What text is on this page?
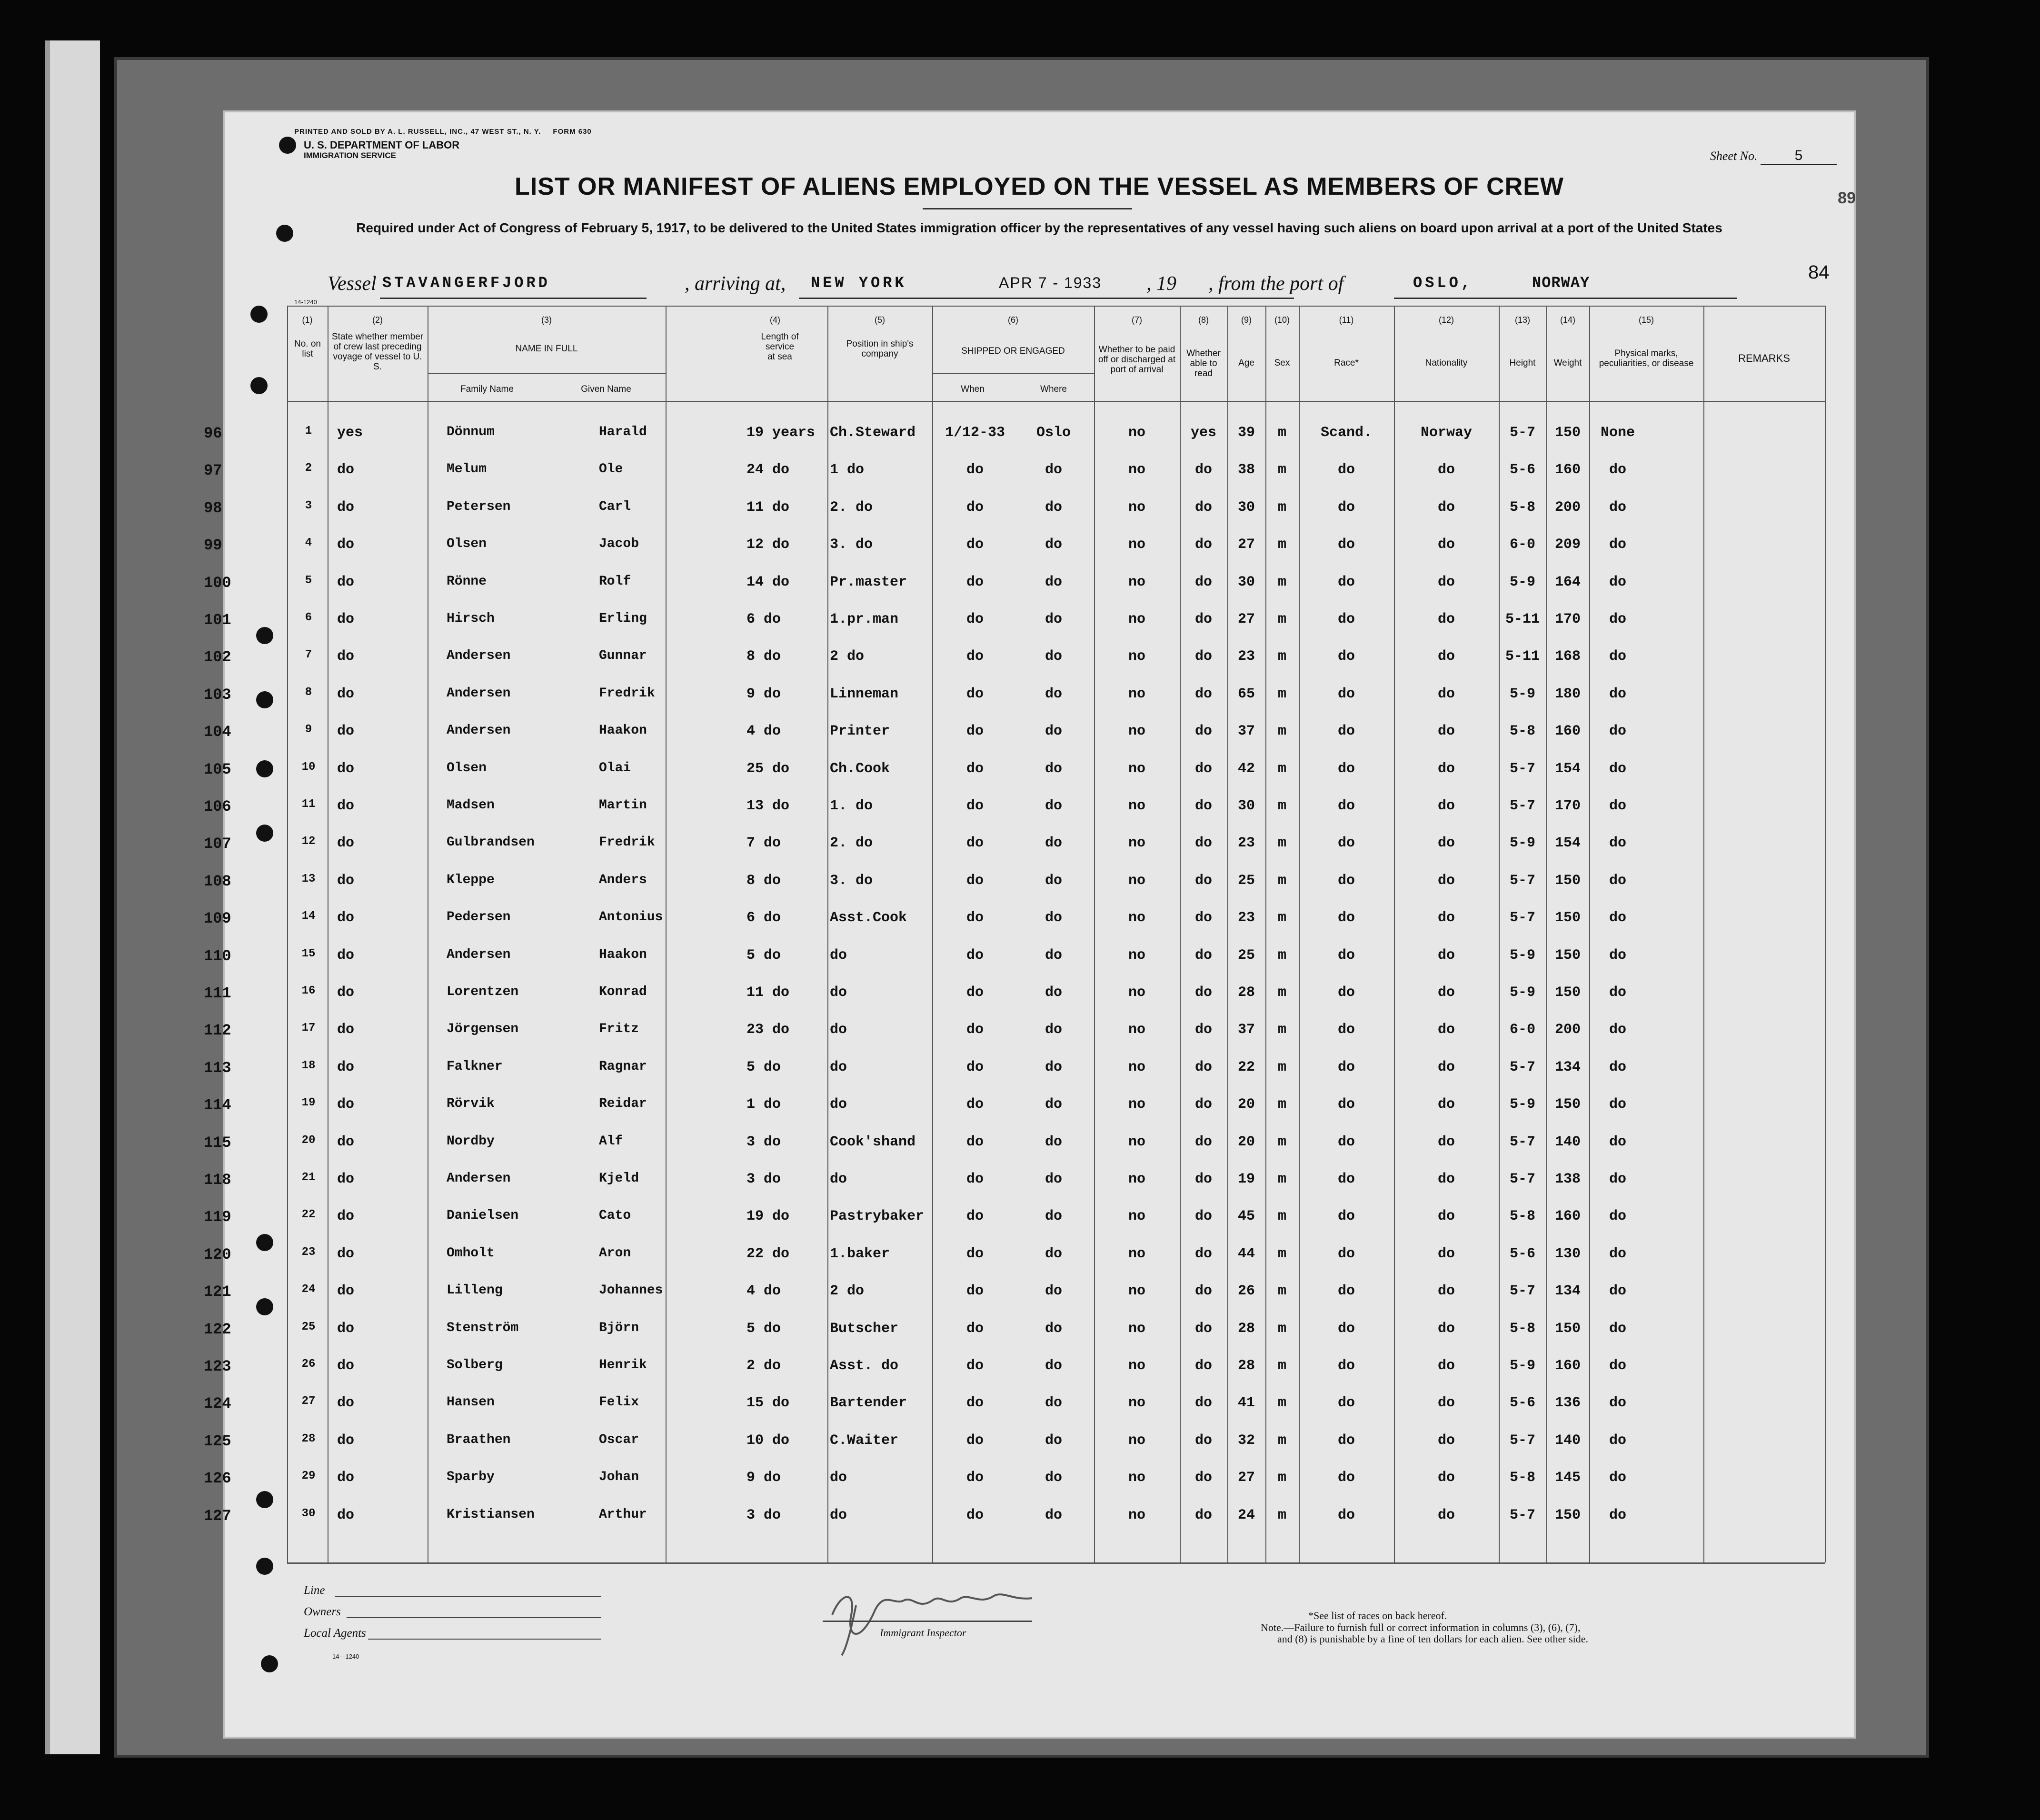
PRINTED AND SOLD BY A. L. RUSSELL, INC., 47 WEST ST., N. Y. FORM 630
U. S. DEPARTMENT OF LABOR
IMMIGRATION SERVICE	Sheet No.	5
LIST OR MANIFEST OF ALIENS EMPLOYED ON THE VESSEL AS MEMBERS OF CREW
Required under Act of Congress of February 5, 1917, to be delivered to the United States immigration officer by the representatives of any vessel having such aliens on board upon arrival at a port of the United States
89
Vessel STAVANGERFJORD	, arriving at, NEW YORK	APR 7 - 1933 , 19 , from the port of	OSLO,	NORWAY
84
14-1240
(1)	(2)	(3)	(4)	(5)	(6)	(7)	(8)	(9)	(10)	(11)	(12)	(13)	(14)	(15)
No. on list
State whether member of crew last preceding voyage of vessel to U. S.
NAME IN FULL
Family Name	Given Name
Length of service at sea
Position in ship's company	SHIPPED OR ENGAGED
When	Where
Whether to be paid off or discharged at port of arrival
Whether able to read
Age	Sex	Race*	Nationality	Height	Weight
Physical marks, peculiarities, or disease	REMARKS
96	1	yes	Dönnum	Harald	19 years	Ch.Steward	1/12-33	Oslo	no	yes	39	m	Scand.	Norway	5-7	150	None
97	2	do	Melum	Ole	24 do	1 do	do	do	no	do	38	m	do	do	5-6	160	do
98	3	do	Petersen	Carl	11 do	2. do	do	do	no	do	30	m	do	do	5-8	200	do
99	4	do	Olsen	Jacob	12 do	3. do	do	do	no	do	27	m	do	do	6-0	209	do
100	5	do	Rönne	Rolf	14 do	Pr.master	do	do	no	do	30	m	do	do	5-9	164	do
101	6	do	Hirsch	Erling	6 do	1.pr.man	do	do	no	do	27	m	do	do	5-11	170	do
102	7	do	Andersen	Gunnar	8 do	2 do	do	do	no	do	23	m	do	do	5-11	168	do
103	8	do	Andersen	Fredrik	9 do	Linneman	do	do	no	do	65	m	do	do	5-9	180	do
104	9	do	Andersen	Haakon	4 do	Printer	do	do	no	do	37	m	do	do	5-8	160	do
105	10	do	Olsen	Olai	25 do	Ch.Cook	do	do	no	do	42	m	do	do	5-7	154	do
106	11	do	Madsen	Martin	13 do	1. do	do	do	no	do	30	m	do	do	5-7	170	do
107	12	do	Gulbrandsen	Fredrik	7 do	2. do	do	do	no	do	23	m	do	do	5-9	154	do
108	13	do	Kleppe	Anders	8 do	3. do	do	do	no	do	25	m	do	do	5-7	150	do
109	14	do	Pedersen	Antonius	6 do	Asst.Cook	do	do	no	do	23	m	do	do	5-7	150	do
110	15	do	Andersen	Haakon	5 do	do	do	do	no	do	25	m	do	do	5-9	150	do
111	16	do	Lorentzen	Konrad	11 do	do	do	do	no	do	28	m	do	do	5-9	150	do
112	17	do	Jörgensen	Fritz	23 do	do	do	do	no	do	37	m	do	do	6-0	200	do
113	18	do	Falkner	Ragnar	5 do	do	do	do	no	do	22	m	do	do	5-7	134	do
114	19	do	Rörvik	Reidar	1 do	do	do	do	no	do	20	m	do	do	5-9	150	do
115	20	do	Nordby	Alf	3 do	Cook'shand	do	do	no	do	20	m	do	do	5-7	140	do
118	21	do	Andersen	Kjeld	3 do	do	do	do	no	do	19	m	do	do	5-7	138	do
119	22	do	Danielsen	Cato	19 do	Pastrybaker	do	do	no	do	45	m	do	do	5-8	160	do
120	23	do	Omholt	Aron	22 do	1.baker	do	do	no	do	44	m	do	do	5-6	130	do
121	24	do	Lilleng	Johannes	4 do	2 do	do	do	no	do	26	m	do	do	5-7	134	do
122	25	do	Stenström	Björn	5 do	Butscher	do	do	no	do	28	m	do	do	5-8	150	do
123	26	do	Solberg	Henrik	2 do	Asst. do	do	do	no	do	28	m	do	do	5-9	160	do
124	27	do	Hansen	Felix	15 do	Bartender	do	do	no	do	41	m	do	do	5-6	136	do
125	28	do	Braathen	Oscar	10 do	C.Waiter	do	do	no	do	32	m	do	do	5-7	140	do
126	29	do	Sparby	Johan	9 do	do	do	do	no	do	27	m	do	do	5-8	145	do
127	30	do	Kristiansen	Arthur	3 do	do	do	do	no	do	24	m	do	do	5-7	150	do
Line
Owners
Local Agents
14—1240
Immigrant Inspector
*See list of races on back hereof.
Note.—Failure to furnish full or correct information in columns (3), (6), (7),
and (8) is punishable by a fine of ten dollars for each alien. See other side.
